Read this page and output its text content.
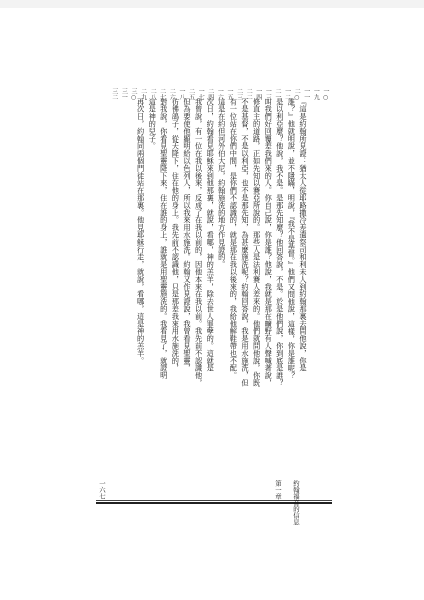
一○
一九
一一
二○
一二
二一
一三
一四
二二
二三
一五
一六
二四
一七
二五
一八
二六
二七
二八
二九
三○
三一
三二
『這是約翰所見證：猶太人從耶路撒冷差遣祭司和利未人到約翰那裏去問他說，你是
誰？』他就明說，並不隱瞞，明說，『我不是基督。』他們又問他說，這樣，你是誰呢？
是以利亞麼？他說，我不是。是那先知麼？他回答說，不是。於是他們說，你到底是誰？
叫我們好回覆差我們來的人。你自己說，你是誰？他說，我就是那在曠野有人聲喊著說，
修直主的道路，正如先知以賽亞所說的。那些人是法利賽人差來的。他們就問他說，你既
不是基督，不是以利亞，也不是那先知，為甚麼施洗呢？約翰回答說，我是用水施洗，但
有一位站在你們中間，是你們不認識的，就是那在我以後來的，我給他解鞋帶也不配。
這是在約但河外伯大尼，約翰施洗的地方作見證的。
次日，約翰看見耶穌來到他那裏，就說，看哪，神的羔羊，除去世人罪孽的。這就是
我曾說，有一位在我以後來，反成了在我以前的，因他本來在我以前。我先前不認識他，
但為要使他顯明給以色列人，所以我來用水施洗。約翰又作見證說，我曾看見聖靈，
彷彿鴿子，從天降下，住在他的身上。我先前不認識他，只是那差我來用水施洗的，
對我說，你看見聖靈降下來，住在誰的身上，誰就是用聖靈施洗的。我看見了，就證明
這是神的兒子。
再次日，約翰同兩個門徒站在那裏。他見耶穌行走，就說，看哪，這是神的羔羊。
一六七	第一章 約翰福音的信息
